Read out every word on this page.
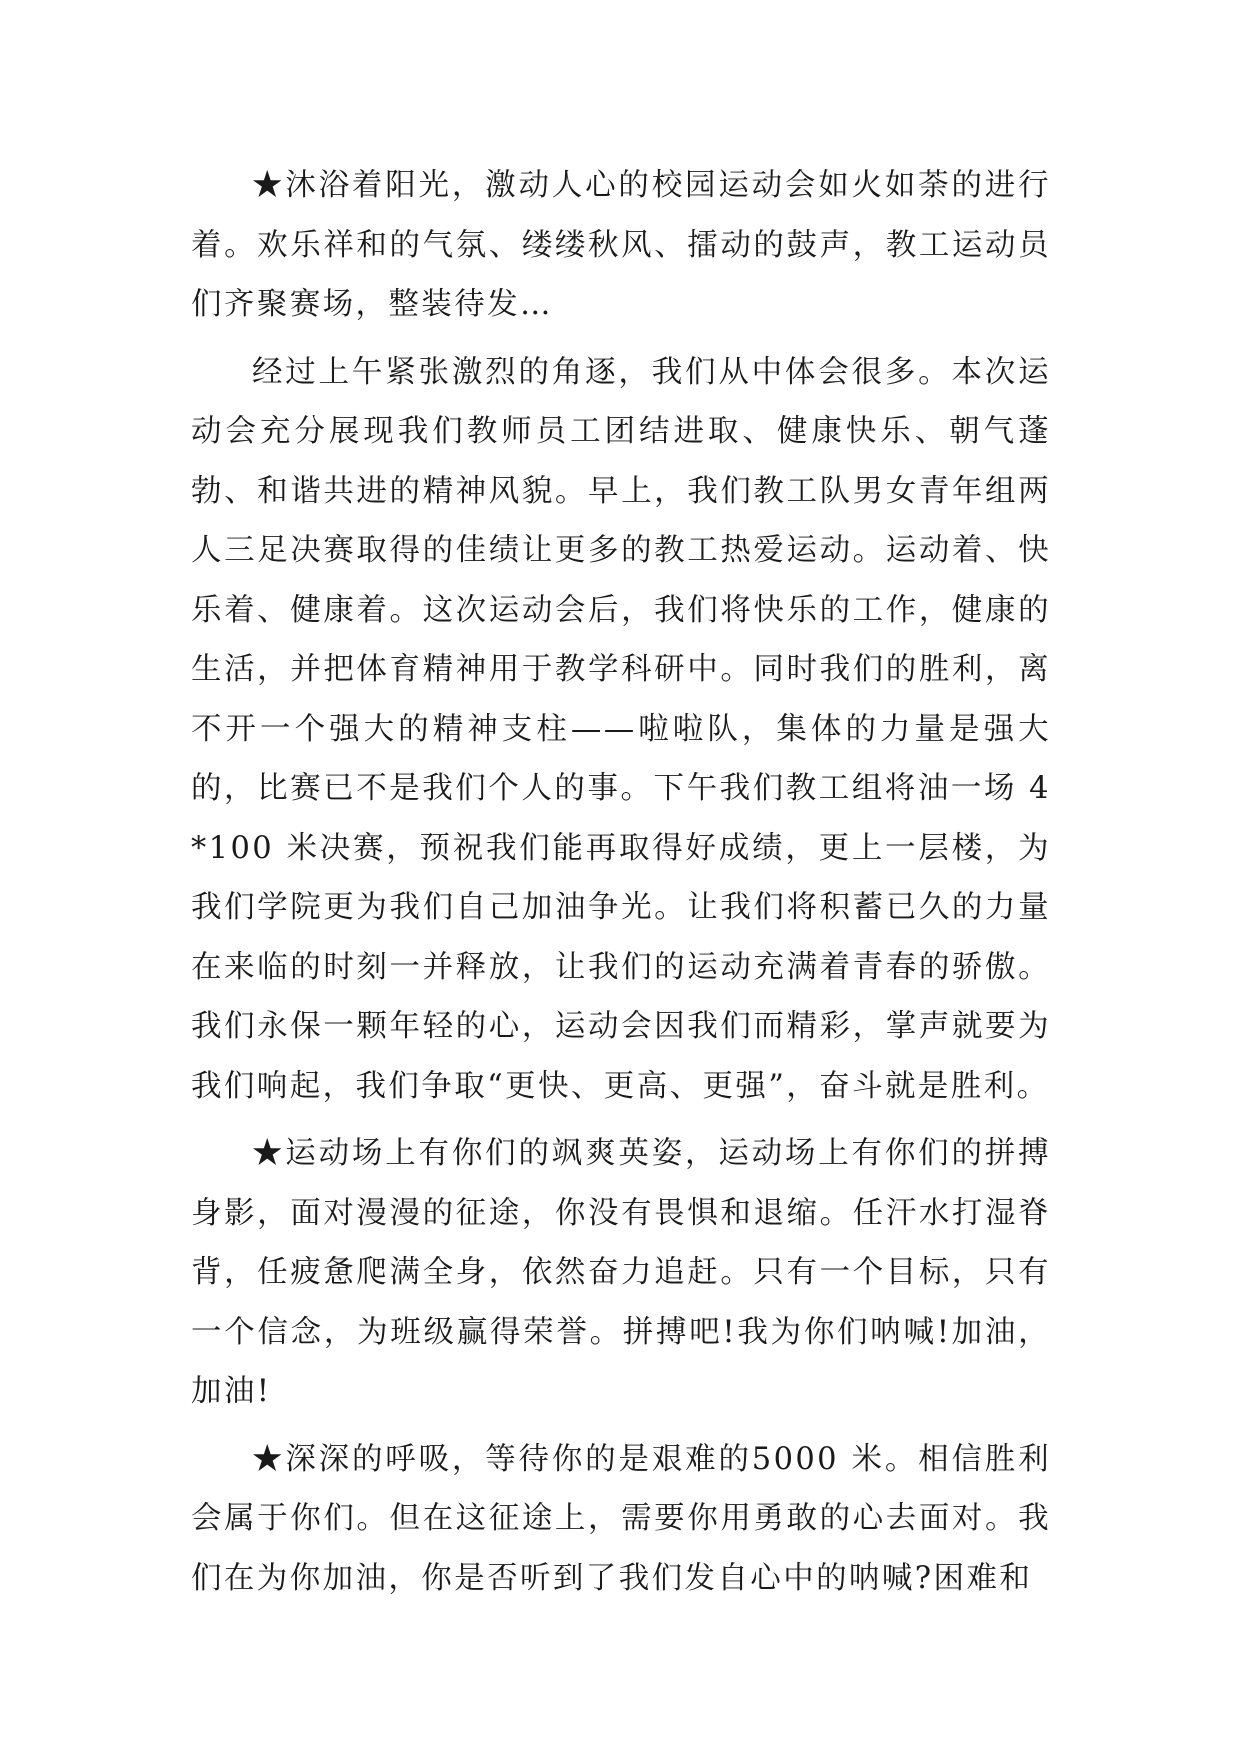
★沐浴着阳光，激动人心的校园运动会如火如荼的进行着。欢乐祥和的气氛、缕缕秋风、擂动的鼓声，教工运动员们齐聚赛场，整装待发…

经过上午紧张激烈的角逐，我们从中体会很多。本次运动会充分展现我们教师员工团结进取、健康快乐、朝气蓬勃、和谐共进的精神风貌。早上，我们教工队男女青年组两人三足决赛取得的佳绩让更多的教工热爱运动。运动着、快乐着、健康着。这次运动会后，我们将快乐的工作，健康的生活，并把体育精神用于教学科研中。同时我们的胜利，离不开一个强大的精神支柱——啦啦队，集体的力量是强大的，比赛已不是我们个人的事。下午我们教工组将油一场 4*100 米决赛，预祝我们能再取得好成绩，更上一层楼，为我们学院更为我们自己加油争光。让我们将积蓄已久的力量在来临的时刻一并释放，让我们的运动充满着青春的骄傲。我们永保一颗年轻的心，运动会因我们而精彩，掌声就要为我们响起，我们争取“更快、更高、更强”，奋斗就是胜利。

★运动场上有你们的飒爽英姿，运动场上有你们的拼搏身影，面对漫漫的征途，你没有畏惧和退缩。任汗水打湿脊背，任疲惫爬满全身，依然奋力追赶。只有一个目标，只有一个信念，为班级赢得荣誉。拼搏吧!我为你们呐喊!加油，加油!

★深深的呼吸，等待你的是艰难的5000 米。相信胜利会属于你们。但在这征途上，需要你用勇敢的心去面对。我们在为你加油，你是否听到了我们发自心中的呐喊?困难和
